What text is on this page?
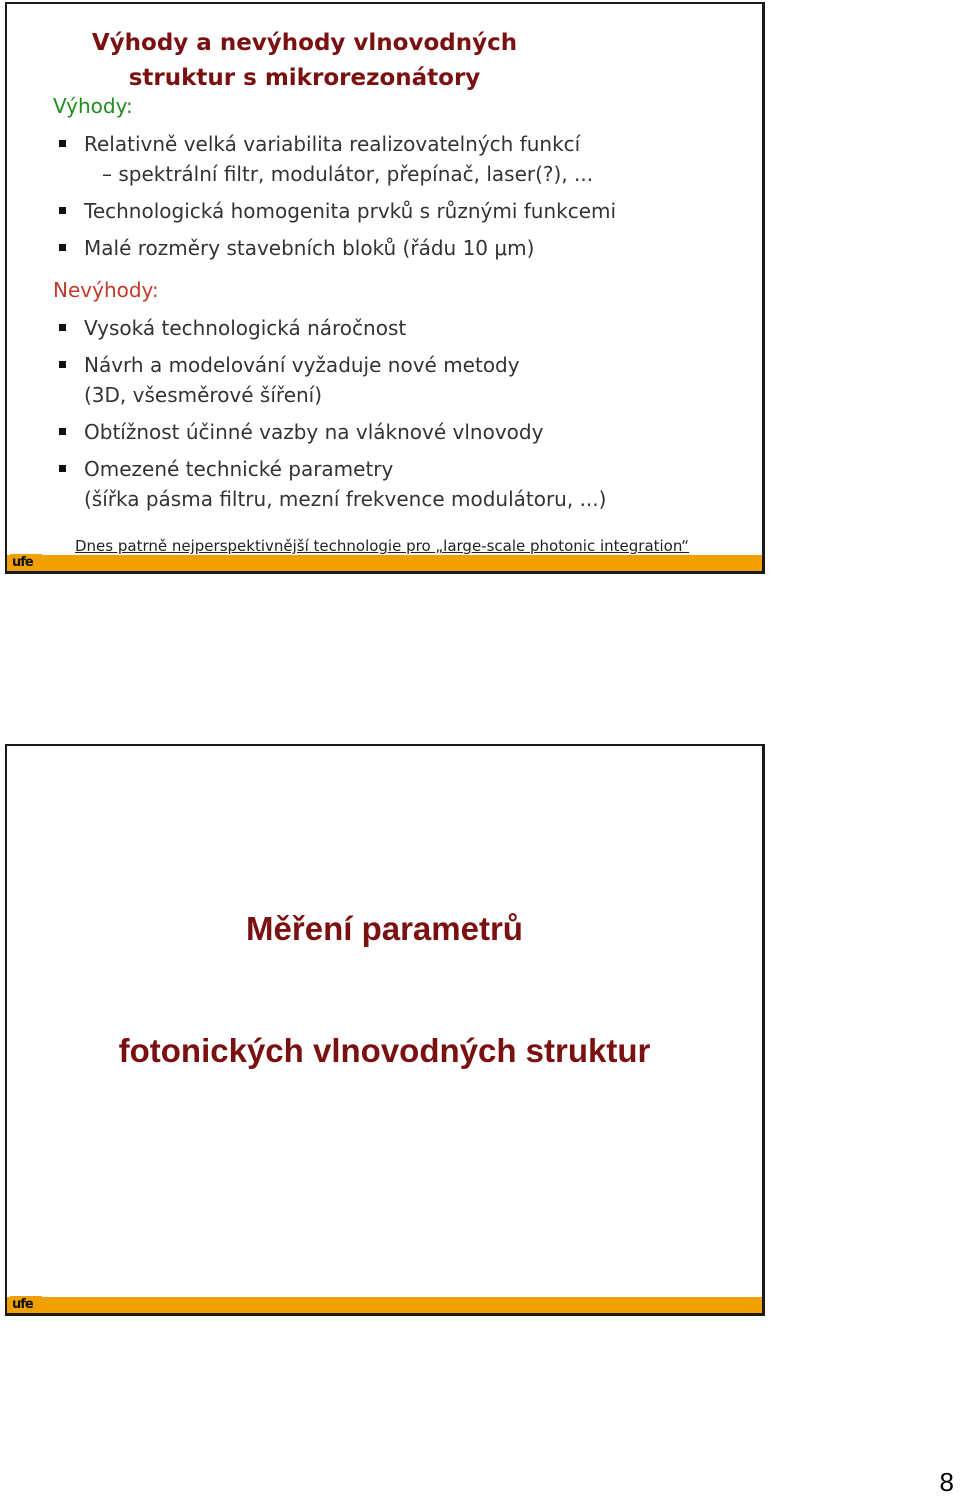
Výhody a nevýhody vlnovodných
struktur s mikrorezonátory
Výhody:
Relativně velká variabilita realizovatelných funkcí
– spektrální filtr, modulátor, přepínač, laser(?), ...
Technologická homogenita prvků s různými funkcemi
Malé rozměry stavebních bloků (řádu 10 μm)
Nevýhody:
Vysoká technologická náročnost
Návrh a modelování vyžaduje nové metody
(3D, všesměrové šíření)
Obtížnost účinné vazby na vláknové vlnovody
Omezené technické parametry
(šířka pásma filtru, mezní frekvence modulátoru, ...)
Dnes patrně nejperspektivnější technologie pro „large-scale photonic integration“
ufe
Měření parametrů
fotonických vlnovodných struktur
ufe
8
